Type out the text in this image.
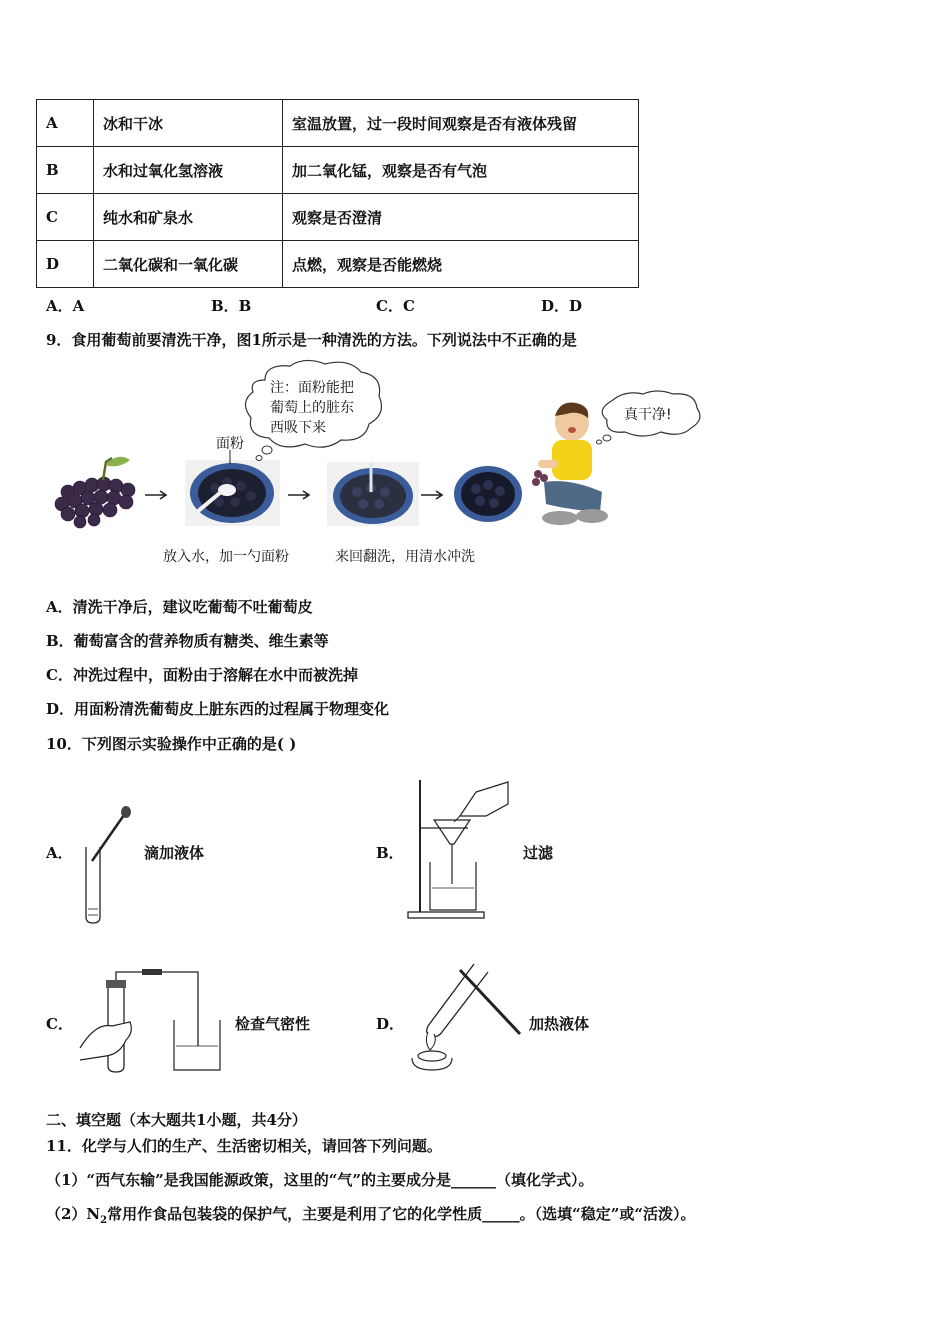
A	冰和干冰	室温放置，过一段时间观察是否有液体残留
B	水和过氧化氢溶液	加二氧化锰，观察是否有气泡
C	纯水和矿泉水	观察是否澄清
D	二氧化碳和一氧化碳	点燃，观察是否能燃烧
A．A	B．B	C．C	D．D
9．食用葡萄前要清洗干净，图1所示是一种清洗的方法。下列说法中不正确的是
面粉
注：面粉能把
葡萄上的脏东
西吸下来
真干净!
放入水，加一勺面粉	来回翻洗，用清水冲洗
A．清洗干净后，建议吃葡萄不吐葡萄皮
B．葡萄富含的营养物质有糖类、维生素等
C．冲洗过程中，面粉由于溶解在水中而被洗掉
D．用面粉清洗葡萄皮上脏东西的过程属于物理变化
10．下列图示实验操作中正确的是( )
A．	滴加液体	B．	过滤
C．	检查气密性	D．	加热液体
二、填空题（本大题共1小题，共4分）
11．化学与人们的生产、生活密切相关，请回答下列问题。
（1）“西气东输”是我国能源政策，这里的“气”的主要成分是______（填化学式）。
$(2)N_2$常用作食品包装袋的保护气，主要是利用了它的化学性质_____。（选填“稳定”或“活泼）。
